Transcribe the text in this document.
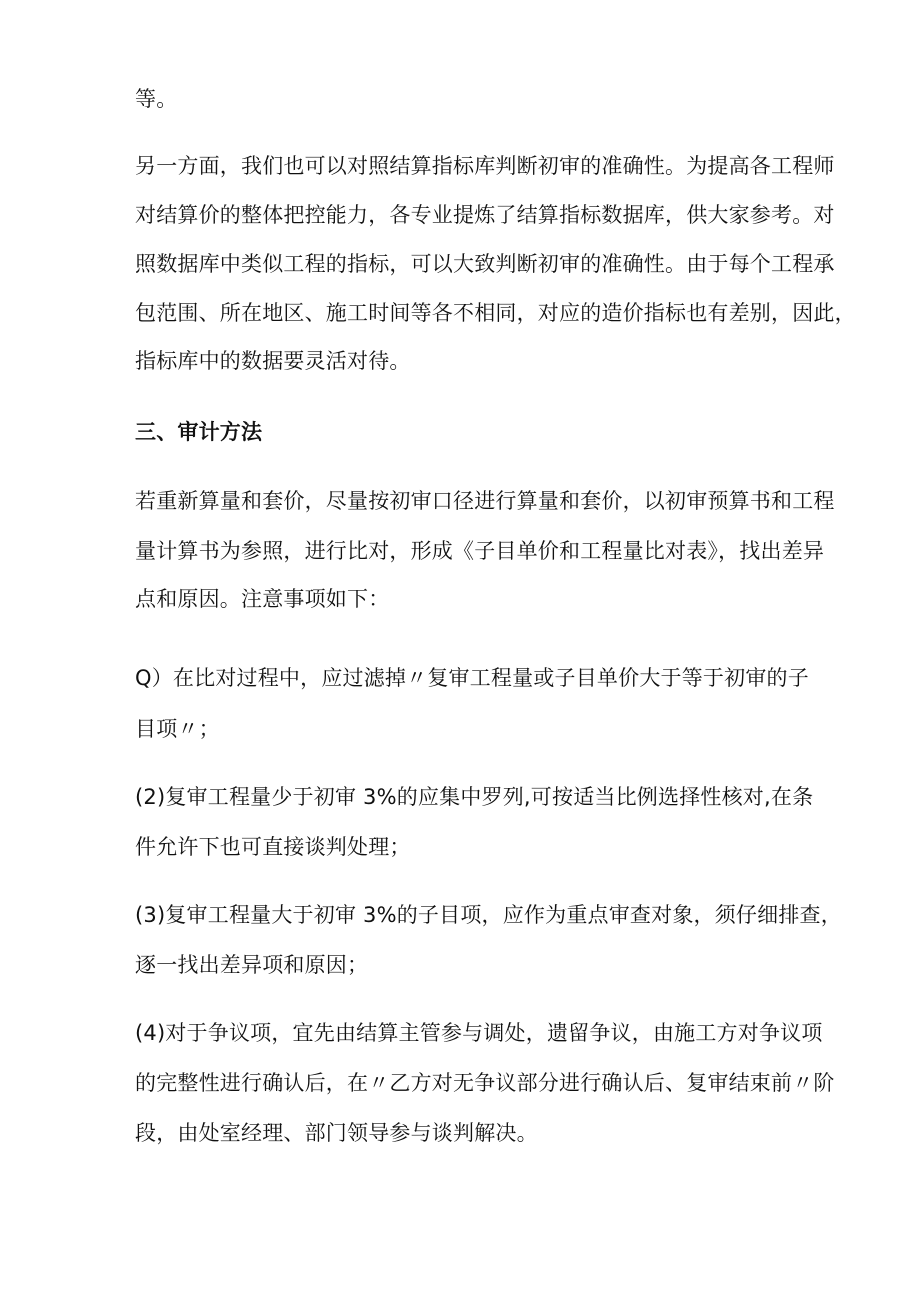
等。
另一方面，我们也可以对照结算指标库判断初审的准确性。为提高各工程师
对结算价的整体把控能力，各专业提炼了结算指标数据库，供大家参考。对
照数据库中类似工程的指标，可以大致判断初审的准确性。由于每个工程承
包范围、所在地区、施工时间等各不相同，对应的造价指标也有差别，因此，
指标库中的数据要灵活对待。
三、审计方法
若重新算量和套价，尽量按初审口径进行算量和套价，以初审预算书和工程
量计算书为参照，进行比对，形成《子目单价和工程量比对表》，找出差异
点和原因。注意事项如下：
Q）在比对过程中，应过滤掉〃复审工程量或子目单价大于等于初审的子
目项〃；
(2)复审工程量少于初审 3%的应集中罗列,可按适当比例选择性核对,在条
件允许下也可直接谈判处理；
(3)复审工程量大于初审 3%的子目项，应作为重点审查对象，须仔细排查，
逐一找出差异项和原因；
(4)对于争议项，宜先由结算主管参与调处，遗留争议，由施工方对争议项
的完整性进行确认后，在〃乙方对无争议部分进行确认后、复审结束前〃阶
段，由处室经理、部门领导参与谈判解决。
